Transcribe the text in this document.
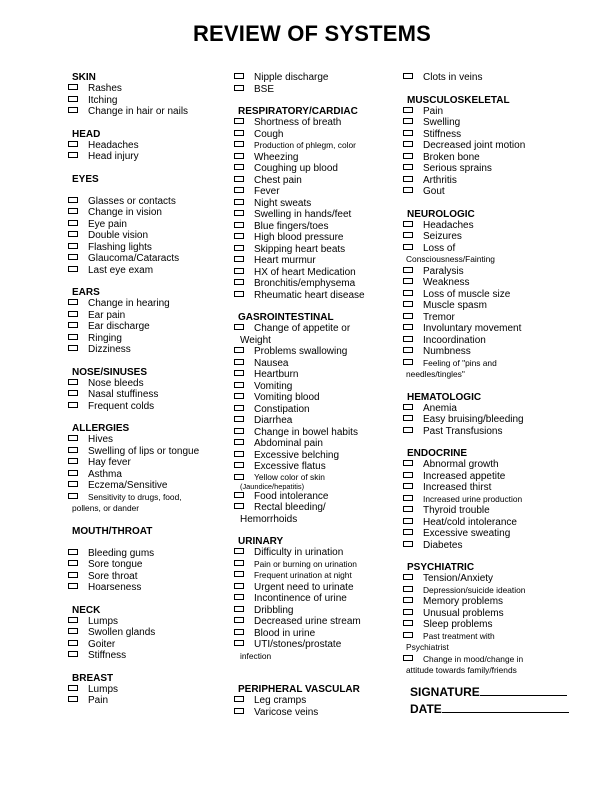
REVIEW OF SYSTEMS
SKIN
Rashes
Itching
Change in hair or nails
HEAD
Headaches
Head injury
EYES
Glasses or contacts
Change in vision
Eye pain
Double vision
Flashing lights
Glaucoma/Cataracts
Last eye exam
EARS
Change in hearing
Ear pain
Ear discharge
Ringing
Dizziness
NOSE/SINUSES
Nose bleeds
Nasal stuffiness
Frequent colds
ALLERGIES
Hives
Swelling of lips or tongue
Hay fever
Asthma
Eczema/Sensitive
Sensitivity to drugs, food,
pollens, or dander
MOUTH/THROAT
Bleeding gums
Sore tongue
Sore throat
Hoarseness
NECK
Lumps
Swollen glands
Goiter
Stiffness
BREAST
Lumps
Pain
Nipple discharge
BSE
RESPIRATORY/CARDIAC
Shortness of breath
Cough
Production of phlegm, color
Wheezing
Coughing up blood
Chest pain
Fever
Night sweats
Swelling in hands/feet
Blue fingers/toes
High blood pressure
Skipping heart beats
Heart murmur
HX of heart Medication
Bronchitis/emphysema
Rheumatic heart disease
GASROINTESTINAL
Change of appetite or
Weight
Problems swallowing
Nausea
Heartburn
Vomiting
Vomiting blood
Constipation
Diarrhea
Change in bowel habits
Abdominal pain
Excessive belching
Excessive flatus
Yellow color of skin
(Jaundice/hepatitis)
Food intolerance
Rectal bleeding/
Hemorrhoids
URINARY
Difficulty in urination
Pain or burning on urination
Frequent urination at night
Urgent need to urinate
Incontinence of urine
Dribbling
Decreased urine stream
Blood in urine
UTI/stones/prostate
infection
PERIPHERAL VASCULAR
Leg cramps
Varicose veins
Clots in veins
MUSCULOSKELETAL
Pain
Swelling
Stiffness
Decreased joint motion
Broken bone
Serious sprains
Arthritis
Gout
NEUROLOGIC
Headaches
Seizures
Loss of
Consciousness/Fainting
Paralysis
Weakness
Loss of muscle size
Muscle spasm
Tremor
Involuntary movement
Incoordination
Numbness
Feeling of "pins and
needles/tingles"
HEMATOLOGIC
Anemia
Easy bruising/bleeding
Past Transfusions
ENDOCRINE
Abnormal growth
Increased appetite
Increased thirst
Increased urine production
Thyroid trouble
Heat/cold intolerance
Excessive sweating
Diabetes
PSYCHIATRIC
Tension/Anxiety
Depression/suicide ideation
Memory problems
Unusual problems
Sleep problems
Past treatment with
Psychiatrist
Change in mood/change in
attitude towards family/friends
SIGNATURE
DATE
